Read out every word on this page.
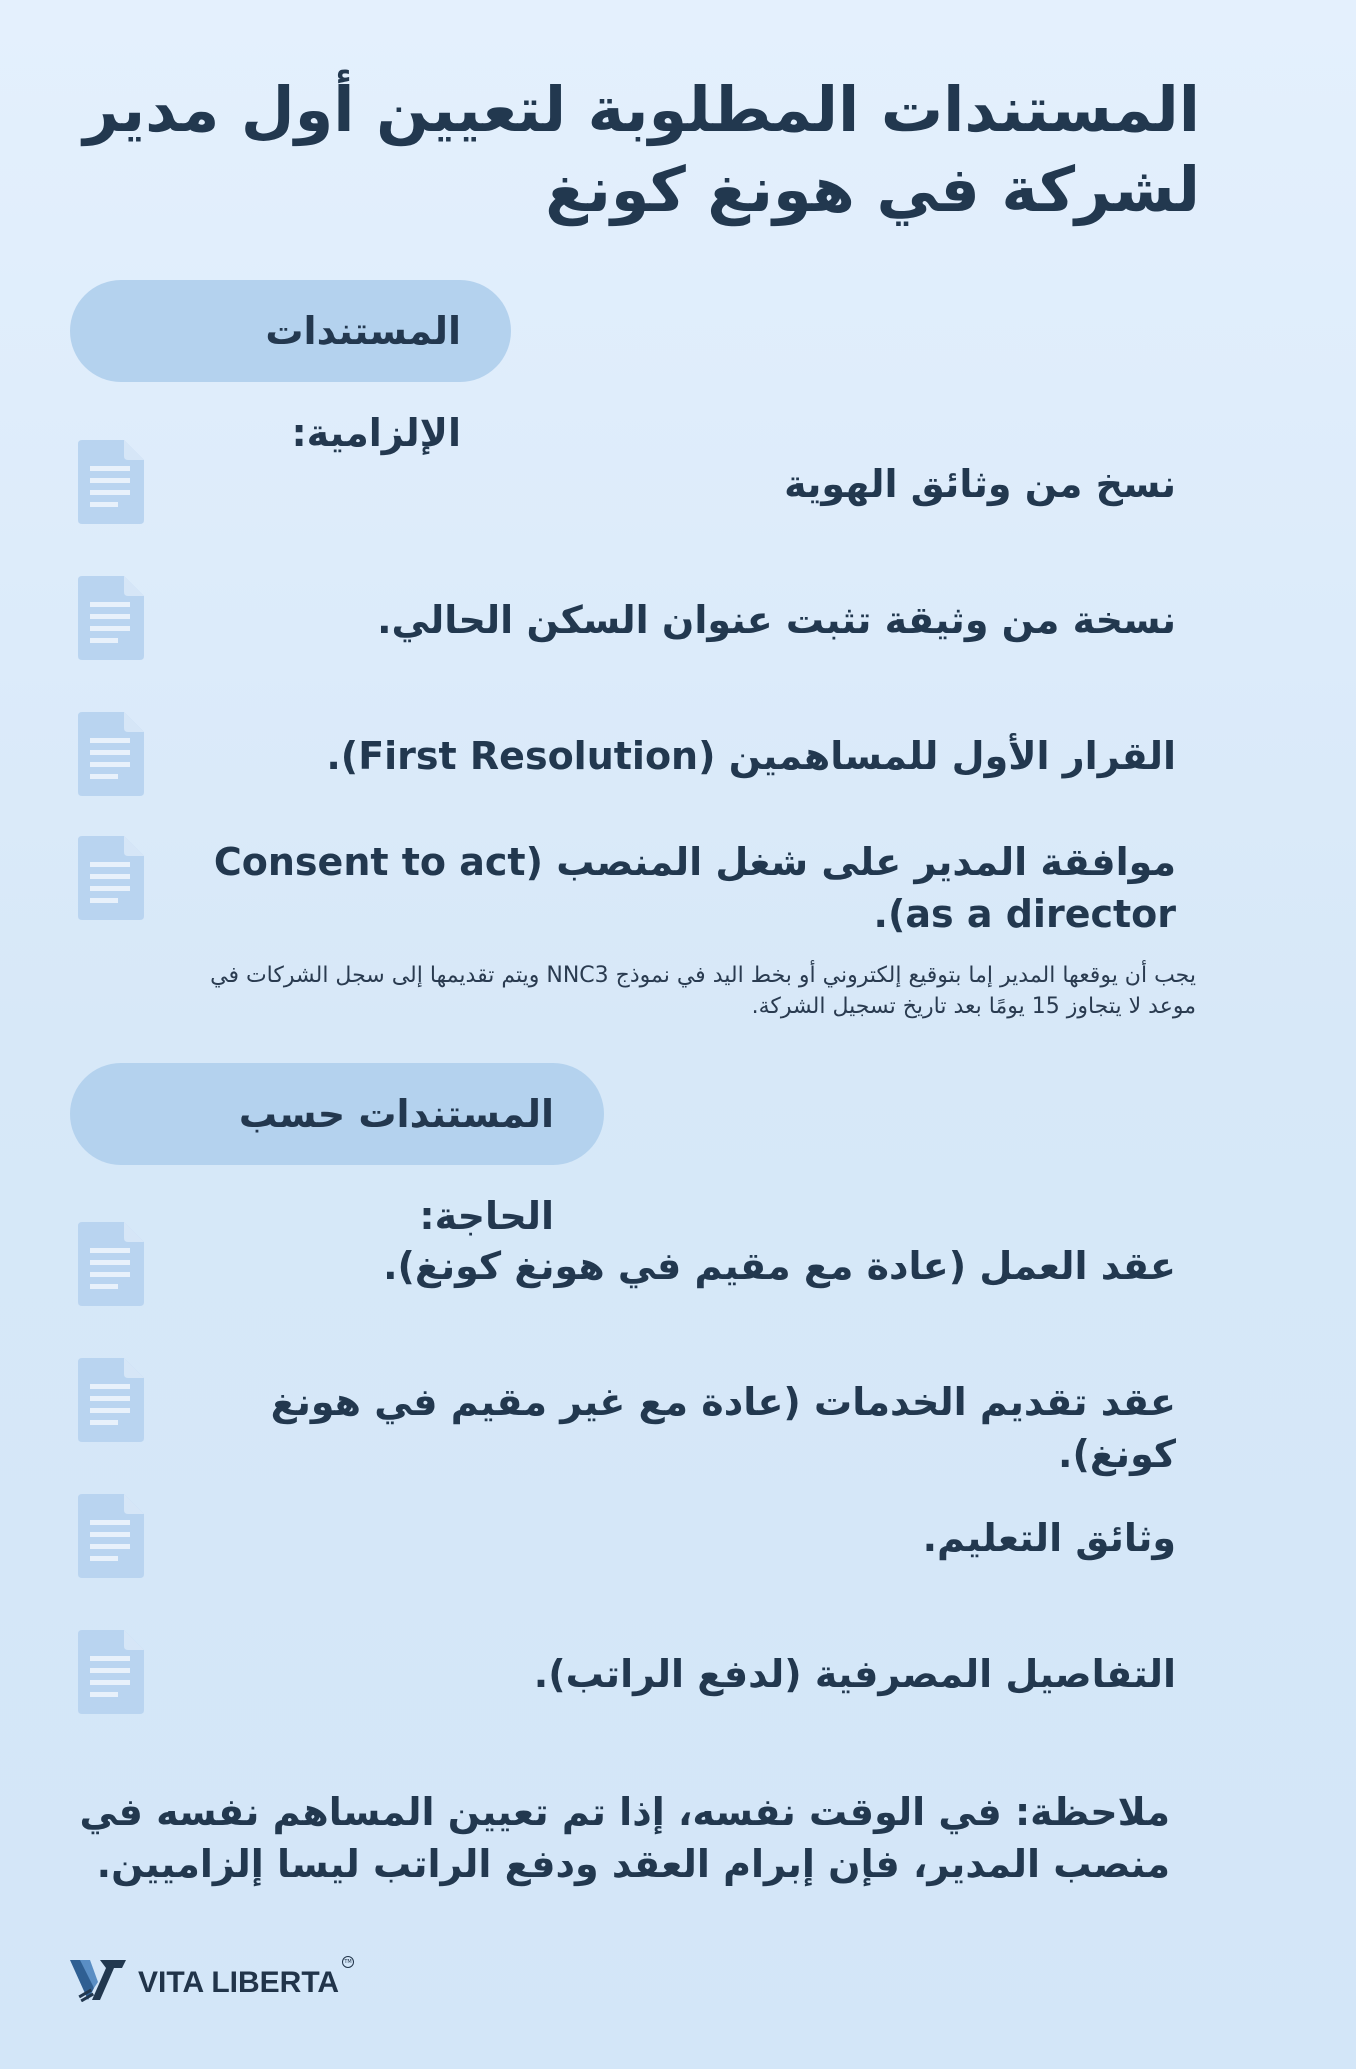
المستندات المطلوبة لتعيين أول مدير لشركة في هونغ كونغ
المستندات الإلزامية:
نسخ من وثائق الهوية
نسخة من وثيقة تثبت عنوان السكن الحالي.
القرار الأول للمساهمين (First Resolution).
موافقة المدير على شغل المنصب (Consent to act as a director).
يجب أن يوقعها المدير إما بتوقيع إلكتروني أو بخط اليد في نموذج NNC3 ويتم تقديمها إلى سجل الشركات في موعد لا يتجاوز 15 يومًا بعد تاريخ تسجيل الشركة.
المستندات حسب الحاجة:
عقد العمل (عادة مع مقيم في هونغ كونغ).
عقد تقديم الخدمات (عادة مع غير مقيم في هونغ كونغ).
وثائق التعليم.
التفاصيل المصرفية (لدفع الراتب).

ملاحظة: في الوقت نفسه، إذا تم تعيين المساهم نفسه في منصب المدير، فإن إبرام العقد ودفع الراتب ليسا إلزاميين.

VITA LIBERTA
TM
